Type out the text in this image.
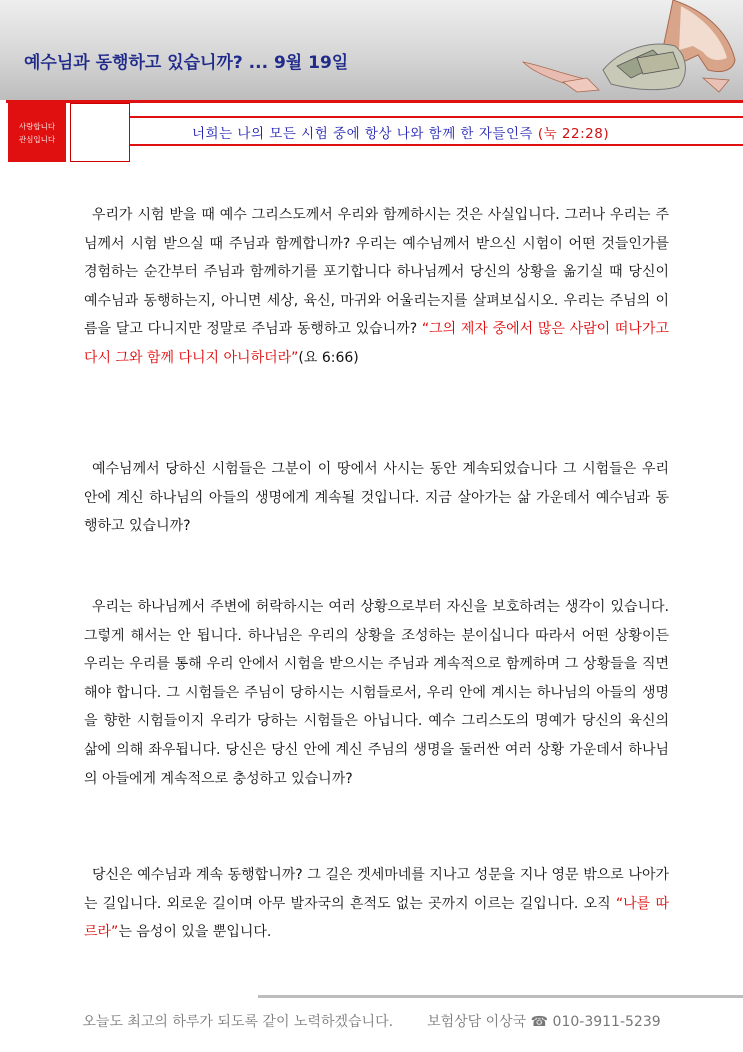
예수님과 동행하고 있습니까? ... 9월 19일
사랑합니다
관심입니다	너희는 나의 모든 시험 중에 항상 나와 함께 한 자들인즉 (눅 22:28)
우리가 시험 받을 때 예수 그리스도께서 우리와 함께하시는 것은 사실입니다. 그러나 우리는 주님께서 시험 받으실 때 주님과 함께합니까? 우리는 예수님께서 받으신 시험이 어떤 것들인가를 경험하는 순간부터 주님과 함께하기를 포기합니다 하나님께서 당신의 상황을 옮기실 때 당신이 예수님과 동행하는지, 아니면 세상, 육신, 마귀와 어울리는지를 살펴보십시오. 우리는 주님의 이름을 달고 다니지만 정말로 주님과 동행하고 있습니까? “그의 제자 중에서 많은 사람이 떠나가고 다시 그와 함께 다니지 아니하더라”(요 6:66)
예수님께서 당하신 시험들은 그분이 이 땅에서 사시는 동안 계속되었습니다 그 시험들은 우리 안에 계신 하나님의 아들의 생명에게 계속될 것입니다. 지금 살아가는 삶 가운데서 예수님과 동행하고 있습니까?
우리는 하나님께서 주변에 허락하시는 여러 상황으로부터 자신을 보호하려는 생각이 있습니다. 그렇게 해서는 안 됩니다. 하나님은 우리의 상황을 조성하는 분이십니다 따라서 어떤 상황이든 우리는 우리를 통해 우리 안에서 시험을 받으시는 주님과 계속적으로 함께하며 그 상황들을 직면해야 합니다. 그 시험들은 주님이 당하시는 시험들로서, 우리 안에 계시는 하나님의 아들의 생명을 향한 시험들이지 우리가 당하는 시험들은 아닙니다. 예수 그리스도의 명예가 당신의 육신의 삶에 의해 좌우됩니다. 당신은 당신 안에 계신 주님의 생명을 둘러싼 여러 상황 가운데서 하나님의 아들에게 계속적으로 충성하고 있습니까?
당신은 예수님과 계속 동행합니까? 그 길은 겟세마네를 지나고 성문을 지나 영문 밖으로 나아가는 길입니다. 외로운 길이며 아무 발자국의 흔적도 없는 곳까지 이르는 길입니다. 오직 “나를 따르라”는 음성이 있을 뿐입니다.
오늘도 최고의 하루가 되도록 같이 노력하겠습니다. 보험상담 이상국 ☎ 010-3911-5239
